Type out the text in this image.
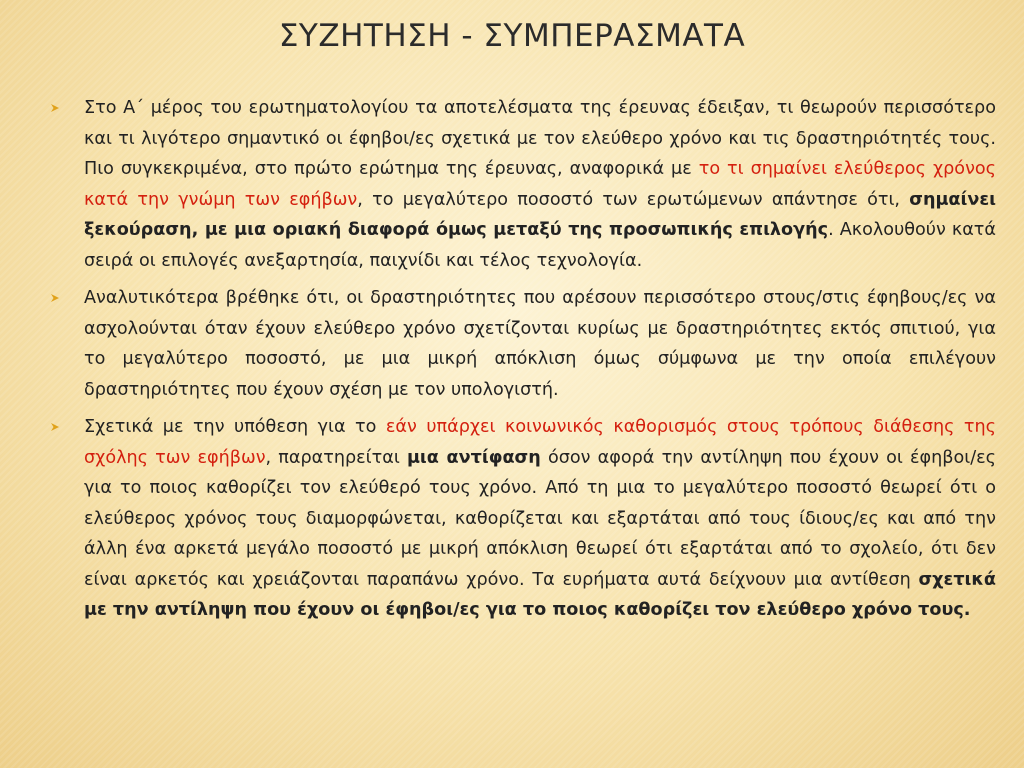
ΣΥΖΗΤΗΣΗ - ΣΥΜΠΕΡΑΣΜΑΤΑ
Στο Α΄ μέρος του ερωτηματολογίου τα αποτελέσματα της έρευνας έδειξαν, τι θεωρούν περισσότερο και τι λιγότερο σημαντικό οι έφηβοι/ες σχετικά με τον ελεύθερο χρόνο και τις δραστηριότητές τους. Πιο συγκεκριμένα, στο πρώτο ερώτημα της έρευνας, αναφορικά με το τι σημαίνει ελεύθερος χρόνος κατά την γνώμη των εφήβων, το μεγαλύτερο ποσοστό των ερωτώμενων απάντησε ότι, σημαίνει ξεκούραση, με μια οριακή διαφορά όμως μεταξύ της προσωπικής επιλογής. Ακολουθούν κατά σειρά οι επιλογές ανεξαρτησία, παιχνίδι και τέλος τεχνολογία.
Αναλυτικότερα βρέθηκε ότι, οι δραστηριότητες που αρέσουν περισσότερο στους/στις έφηβους/ες να ασχολούνται όταν έχουν ελεύθερο χρόνο σχετίζονται κυρίως με δραστηριότητες εκτός σπιτιού, για το μεγαλύτερο ποσοστό, με μια μικρή απόκλιση όμως σύμφωνα με την οποία επιλέγουν δραστηριότητες που έχουν σχέση με τον υπολογιστή.
Σχετικά με την υπόθεση για το εάν υπάρχει κοινωνικός καθορισμός στους τρόπους διάθεσης της σχόλης των εφήβων, παρατηρείται μια αντίφαση όσον αφορά την αντίληψη που έχουν οι έφηβοι/ες για το ποιος καθορίζει τον ελεύθερό τους χρόνο. Από τη μια το μεγαλύτερο ποσοστό θεωρεί ότι ο ελεύθερος χρόνος τους διαμορφώνεται, καθορίζεται και εξαρτάται από τους ίδιους/ες και από την άλλη ένα αρκετά μεγάλο ποσοστό με μικρή απόκλιση θεωρεί ότι εξαρτάται από το σχολείο, ότι δεν είναι αρκετός και χρειάζονται παραπάνω χρόνο. Τα ευρήματα αυτά δείχνουν μια αντίθεση σχετικά με την αντίληψη που έχουν οι έφηβοι/ες για το ποιος καθορίζει τον ελεύθερο χρόνο τους.
